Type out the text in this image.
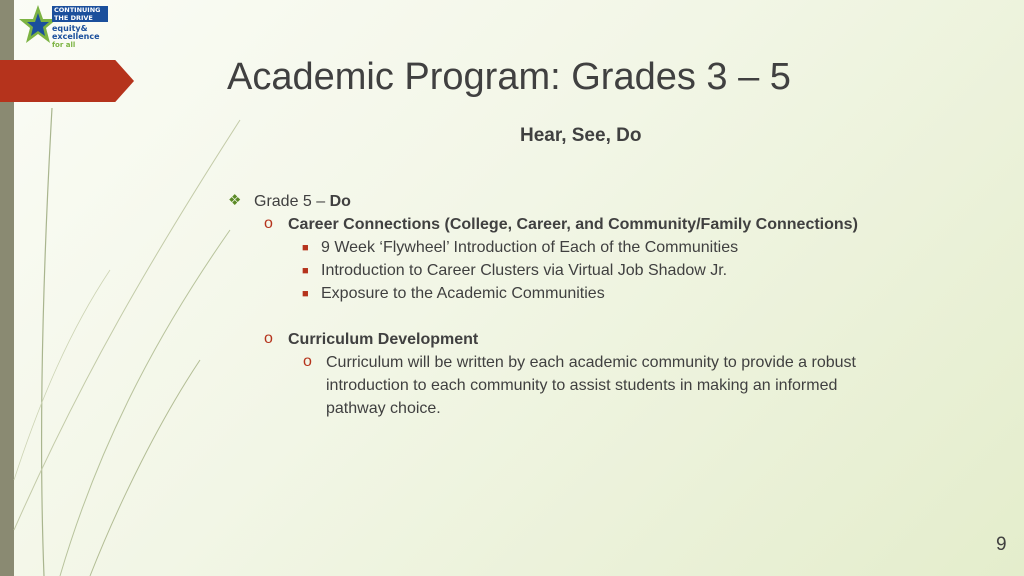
CONTINUING
THE DRIVE
equity&
excellence
for all
Academic Program: Grades 3 – 5
Hear, See, Do
❖ Grade 5 – Do
o Career Connections (College, Career, and Community/Family Connections)
■ 9 Week ‘Flywheel’ Introduction of Each of the Communities
■ Introduction to Career Clusters via Virtual Job Shadow Jr.
■ Exposure to the Academic Communities
o Curriculum Development
o Curriculum will be written by each academic community to provide a robust
introduction to each community to assist students in making an informed
pathway choice.
9
